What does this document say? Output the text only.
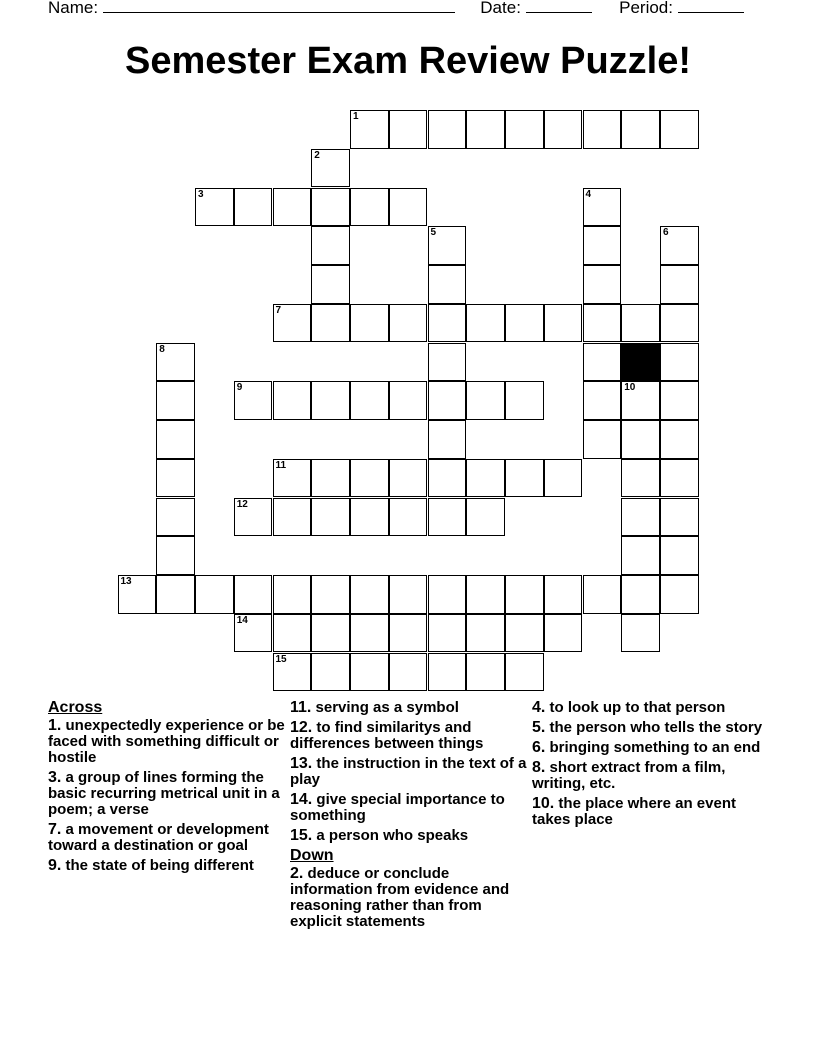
Name:	Date:	Period:
Semester Exam Review Puzzle!
1
2
3	4
5	6
7
8
9	10
11
12
13
14
15
Across
1. unexpectedly experience or be faced with something difficult or hostile
3. a group of lines forming the basic recurring metrical unit in a poem; a verse
7. a movement or development toward a destination or goal
9. the state of being different
11. serving as a symbol
12. to find similaritys and differences between things
13. the instruction in the text of a play
14. give special importance to something
15. a person who speaks
Down
2. deduce or conclude information from evidence and reasoning rather than from explicit statements
4. to look up to that person
5. the person who tells the story
6. bringing something to an end
8. short extract from a film, writing, etc.
10. the place where an event takes place
